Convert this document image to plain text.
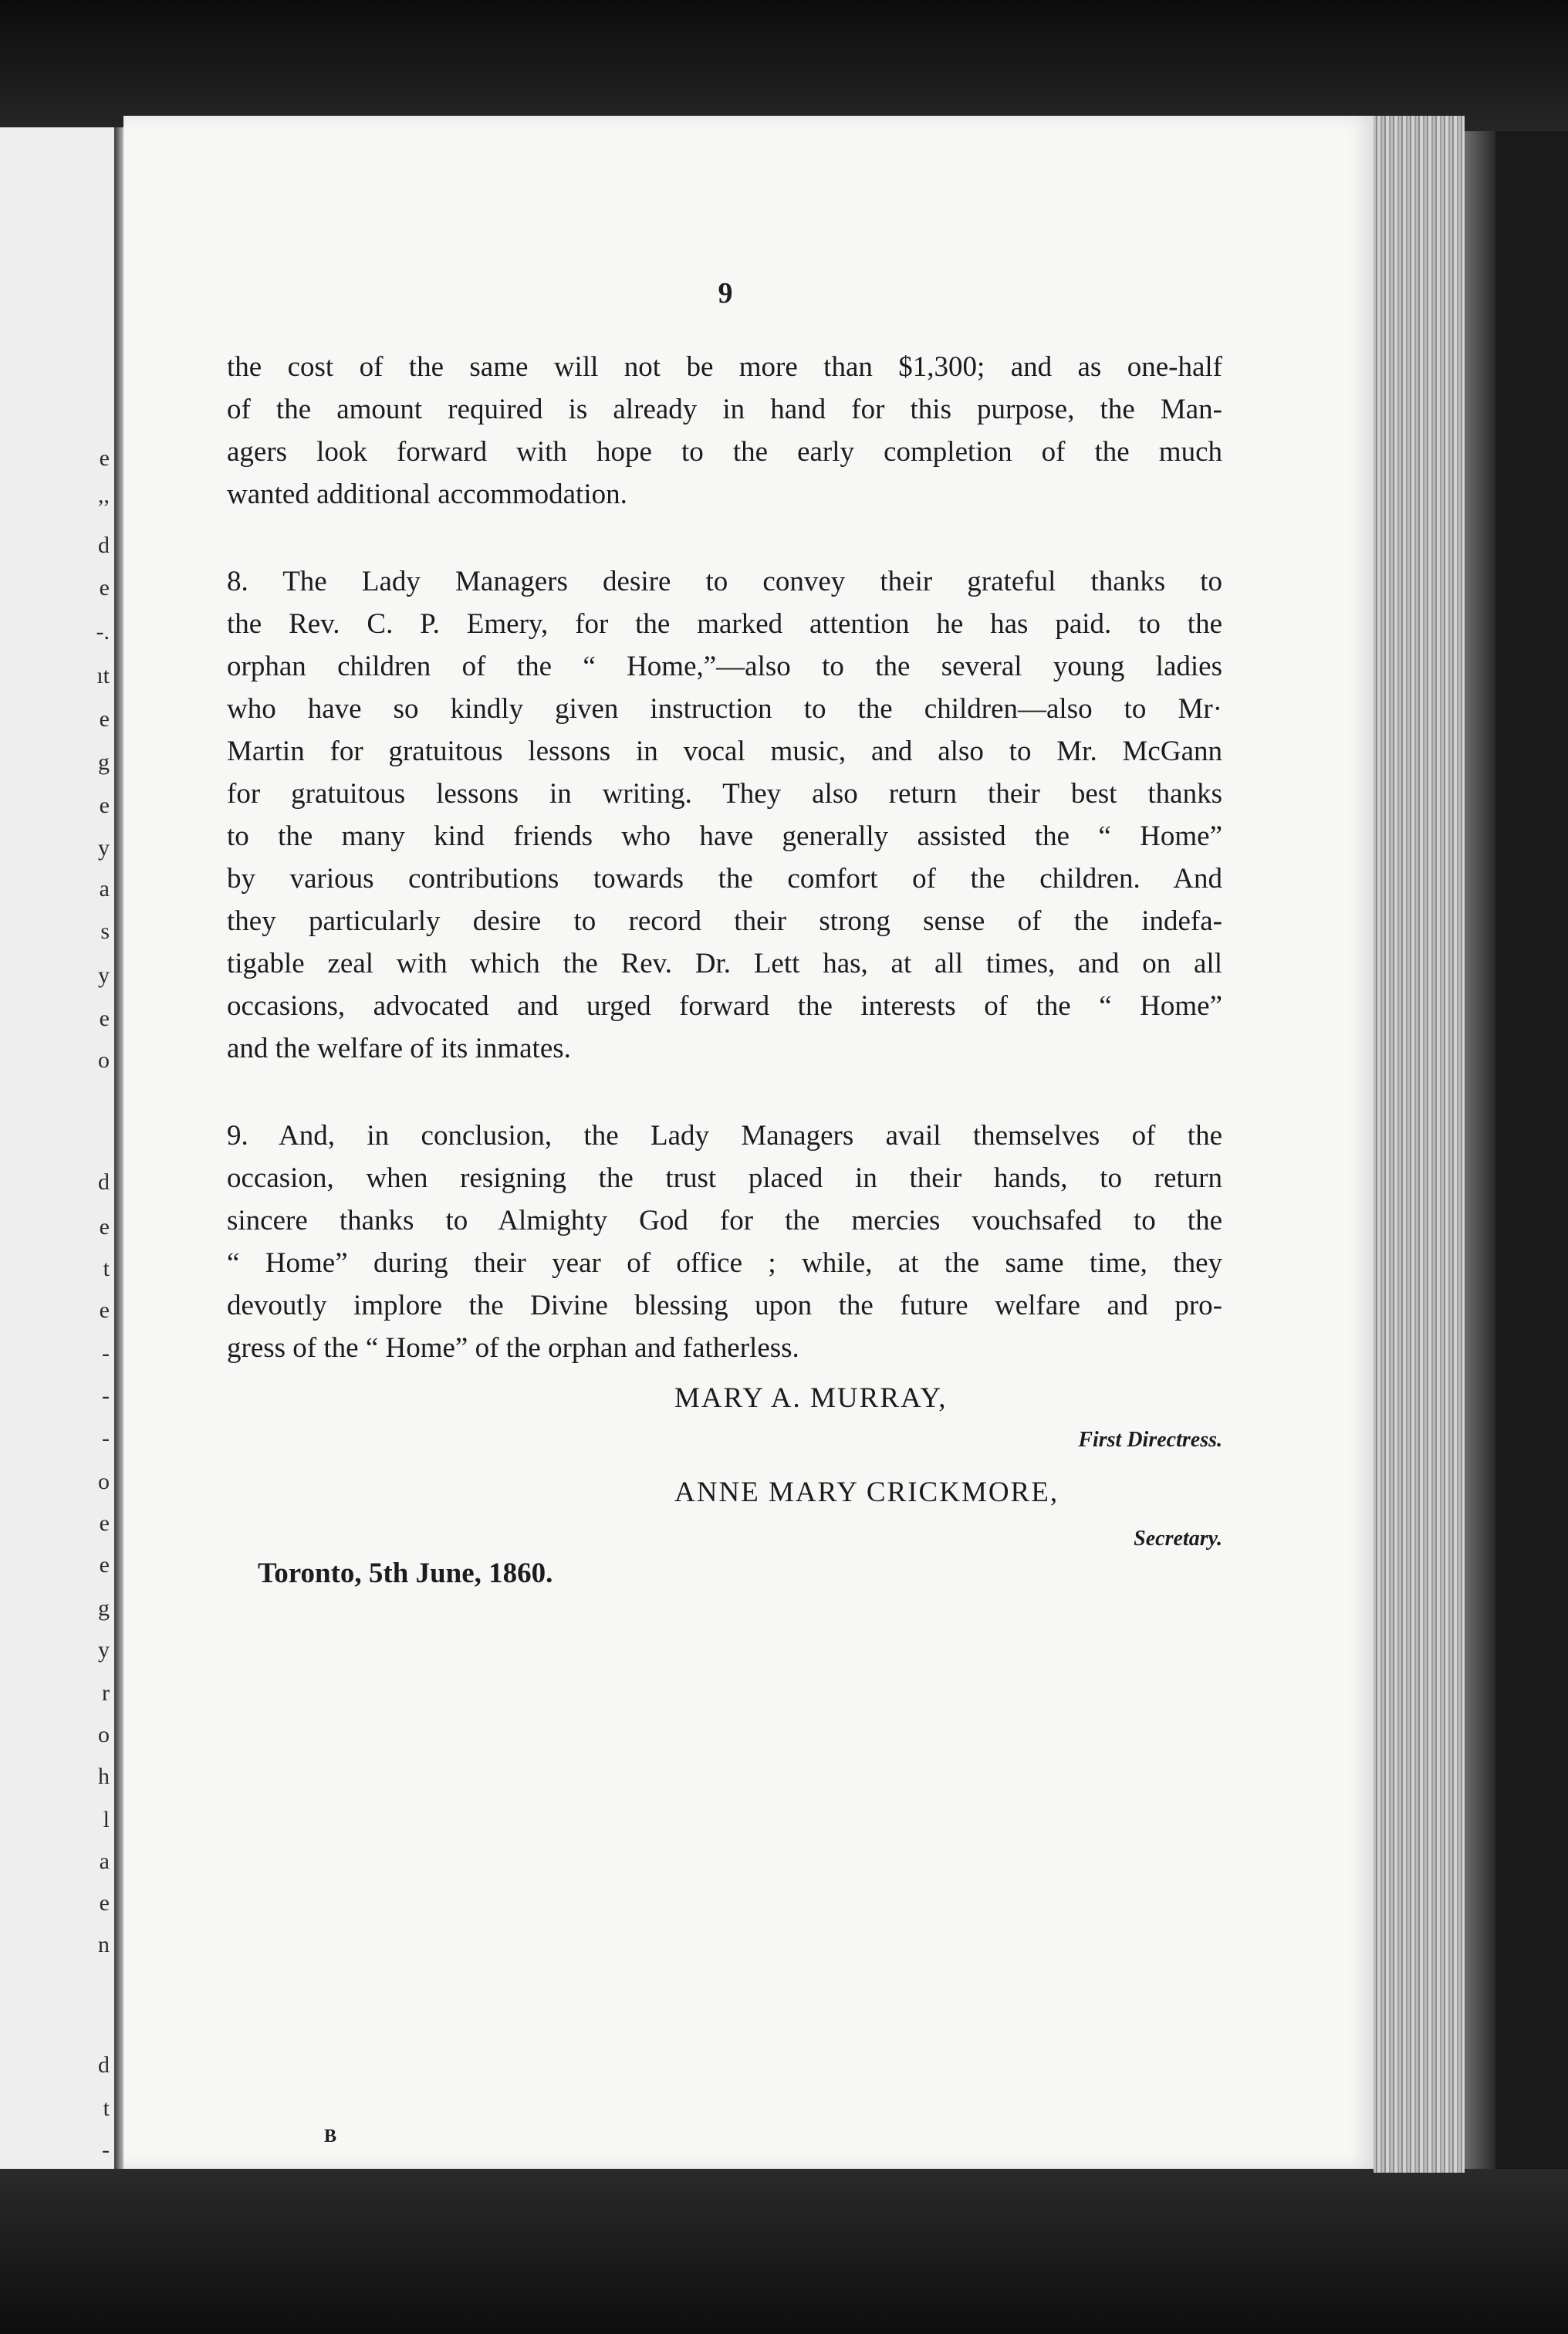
e

,,

d

e

-.

ıt

e

g

e

y

a

s

y

e

o

d

e

t

e

-

-

-

o

e

e

g

y

r

o

h

l

a

e

n

d

t

-

9

the cost of the same will not be more than $1,300; and as one-half
of the amount required is already in hand for this purpose, the Man-
agers look forward with hope to the early completion of the much
wanted additional accommodation.

8. The Lady Managers desire to convey their grateful thanks to
the Rev. C. P. Emery, for the marked attention he has paid. to the
orphan children of the “ Home,”—also to the several young ladies
who have so kindly given instruction to the children—also to Mr·
Martin for gratuitous lessons in vocal music, and also to Mr. McGann
for gratuitous lessons in writing. They also return their best thanks
to the many kind friends who have generally assisted the “ Home”
by various contributions towards the comfort of the children. And
they particularly desire to record their strong sense of the indefa-
tigable zeal with which the Rev. Dr. Lett has, at all times, and on all
occasions, advocated and urged forward the interests of the “ Home”
and the welfare of its inmates.

9. And, in conclusion, the Lady Managers avail themselves of the
occasion, when resigning the trust placed in their hands, to return
sincere thanks to Almighty God for the mercies vouchsafed to the
“ Home” during their year of office ; while, at the same time, they
devoutly implore the Divine blessing upon the future welfare and pro-
gress of the “ Home” of the orphan and fatherless.

MARY A. MURRAY,

First Directress.

ANNE MARY CRICKMORE,

Secretary.

Toronto, 5th June, 1860.

B
